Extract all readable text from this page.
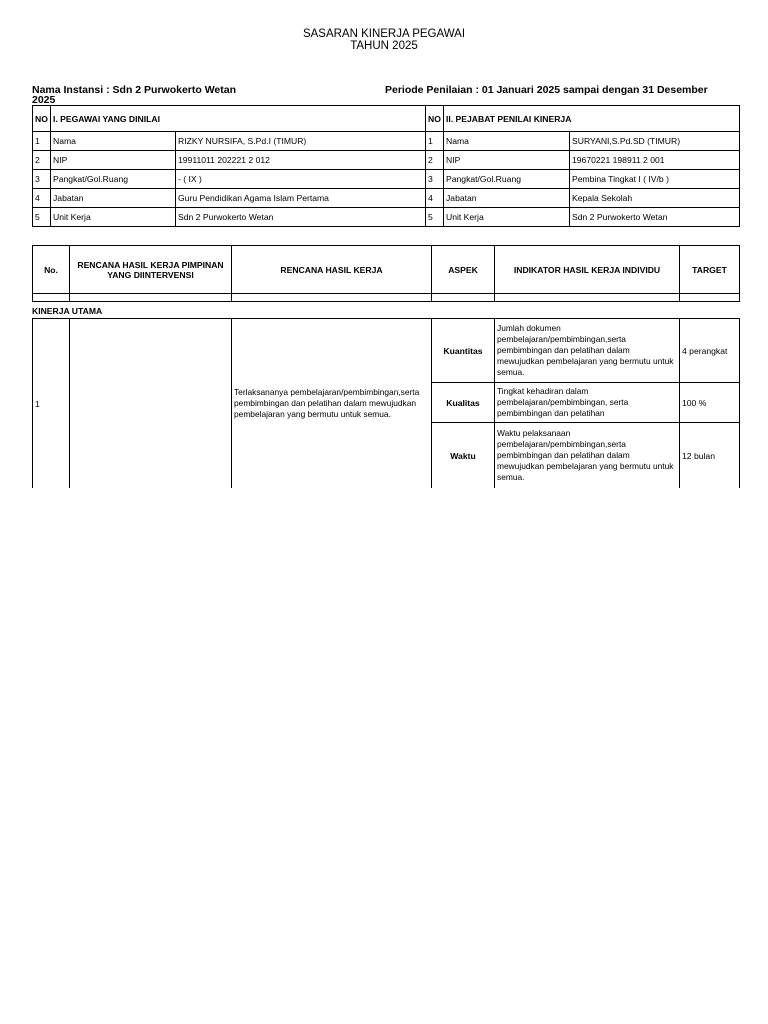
SASARAN KINERJA PEGAWAI
TAHUN 2025
Nama Instansi : Sdn 2 Purwokerto Wetan	Periode Penilaian : 01 Januari 2025 sampai dengan 31 Desember
2025
NO	I. PEGAWAI YANG DINILAI		NO	II. PEJABAT PENILAI KINERJA	
1	Nama	RIZKY NURSIFA, S.Pd.I (TIMUR)	1	Nama	SURYANI,S.Pd.SD (TIMUR)
2	NIP	19911011 202221 2 012	2	NIP	19670221 198911 2 001
3	Pangkat/Gol.Ruang	- ( IX )	3	Pangkat/Gol.Ruang	Pembina Tingkat I ( IV/b )
4	Jabatan	Guru Pendidikan Agama Islam Pertama	4	Jabatan	Kepala Sekolah
5	Unit Kerja	Sdn 2 Purwokerto Wetan	5	Unit Kerja	Sdn 2 Purwokerto Wetan
No.	RENCANA HASIL KERJA PIMPINAN YANG DIINTERVENSI	RENCANA HASIL KERJA	ASPEK	INDIKATOR HASIL KERJA INDIVIDU	TARGET

KINERJA UTAMA
1		Terlaksananya pembelajaran/pembimbingan,serta pembimbingan dan pelatihan dalam mewujudkan pembelajaran yang bermutu untuk semua.	Kuantitas	Jumlah dokumen pembelajaran/pembimbingan,serta pembimbingan dan pelatihan dalam mewujudkan pembelajaran yang bermutu untuk semua.	4 perangkat
			Kualitas	Tingkat kehadiran dalam pembelajaran/pembimbingan, serta pembimbingan dan pelatihan	100 %
			Waktu	Waktu pelaksanaan pembelajaran/pembimbingan,serta pembimbingan dan pelatihan dalam mewujudkan pembelajaran yang bermutu untuk semua.	12 bulan
